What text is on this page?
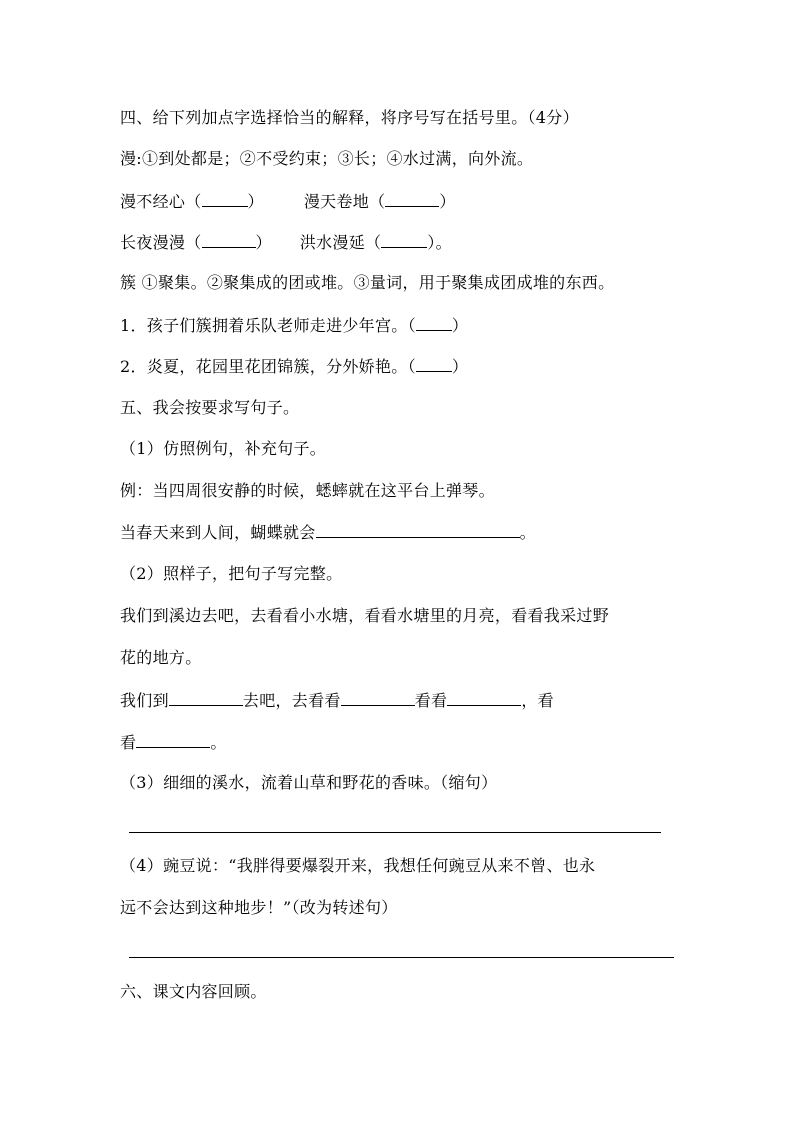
四、给下列加点字选择恰当的解释，将序号写在括号里。（4分）
漫:①到处都是；②不受约束；③长；④水过满，向外流。
漫不经心（	）	漫天卷地（	）
长夜漫漫（	） 洪水漫延（	）。
簇 ①聚集。②聚集成的团或堆。③量词，用于聚集成团成堆的东西。
1．孩子们簇拥着乐队老师走进少年宫。（ ）
2．炎夏，花园里花团锦簇，分外娇艳。（ ）
五、我会按要求写句子。
（1）仿照例句，补充句子。
例：当四周很安静的时候，蟋蟀就在这平台上弹琴。
当春天来到人间，蝴蝶就会	。
（2）照样子，把句子写完整。
我们到溪边去吧，去看看小水塘，看看水塘里的月亮，看看我采过野
花的地方。
我们到	去吧，去看看	看看	，看
看	。
（3）细细的溪水，流着山草和野花的香味。（缩句）
（4）豌豆说：“我胖得要爆裂开来，我想任何豌豆从来不曾、也永
远不会达到这种地步！”（改为转述句）
六、课文内容回顾。
